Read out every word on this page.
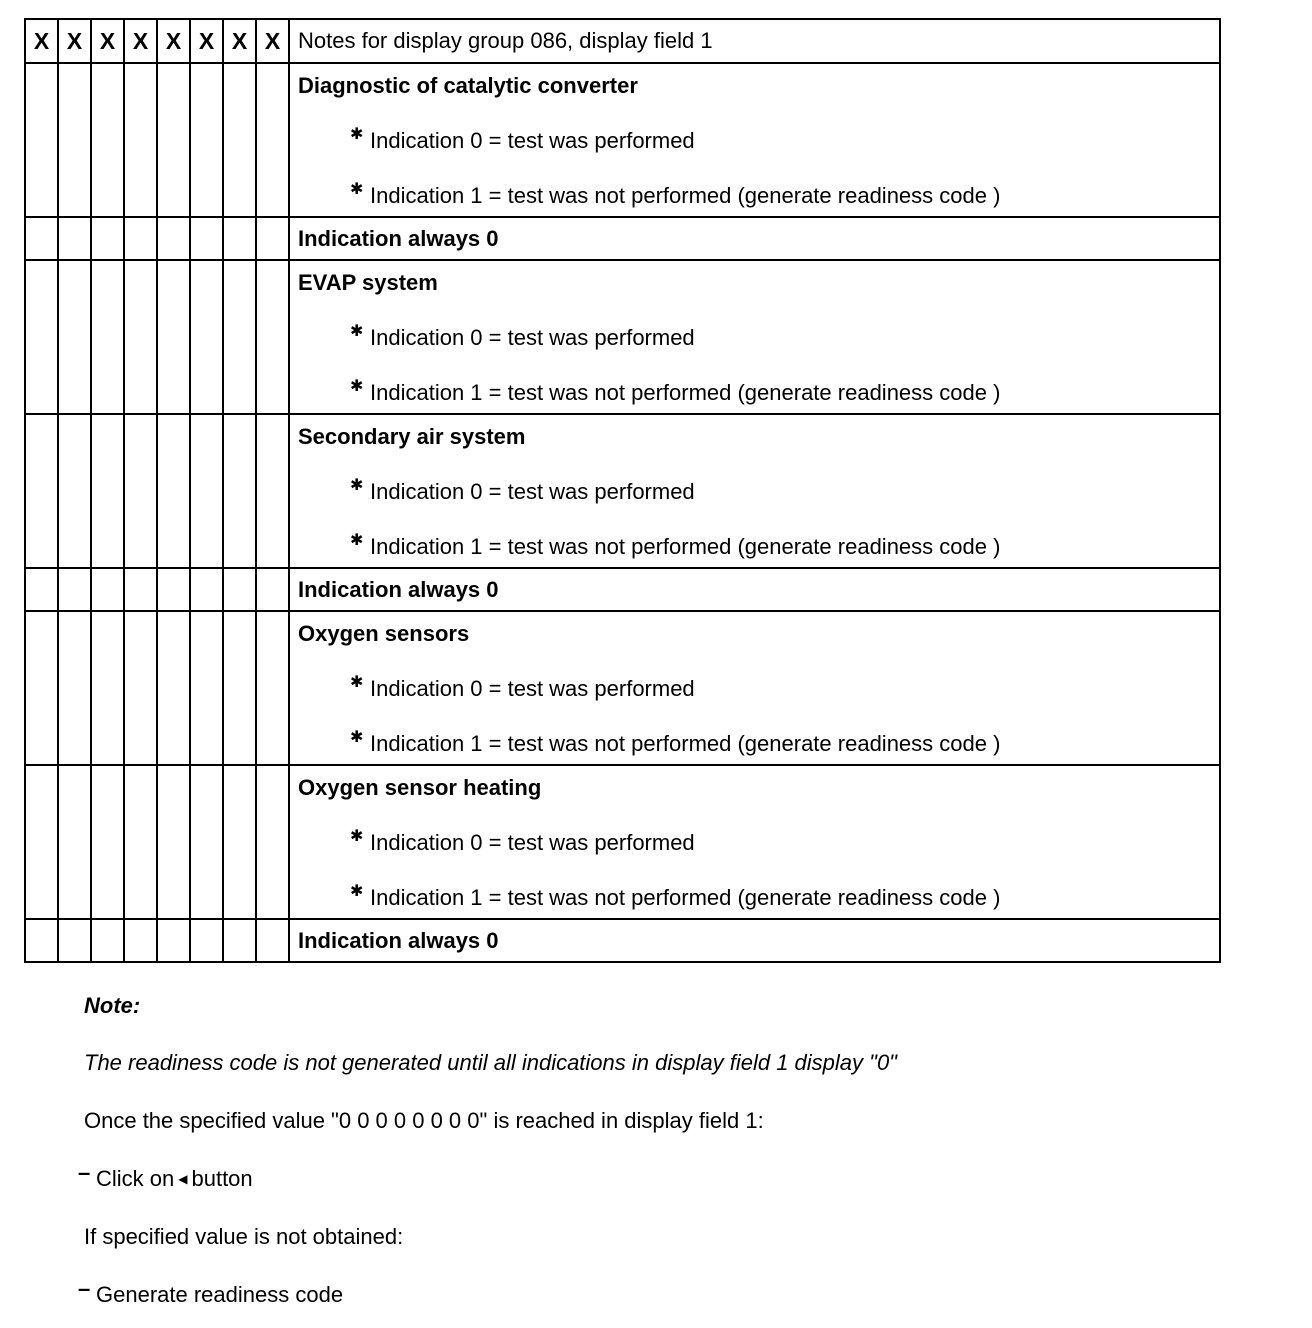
X	X	X	X	X	X	X	X	Notes for display group 086, display field 1

								Diagnostic of catalytic converter
✱ Indication 0 = test was performed
✱ Indication 1 = test was not performed (generate readiness code )

								Indication always 0

								EVAP system
✱ Indication 0 = test was performed
✱ Indication 1 = test was not performed (generate readiness code )

								Secondary air system
✱ Indication 0 = test was performed
✱ Indication 1 = test was not performed (generate readiness code )

								Indication always 0

								Oxygen sensors
✱ Indication 0 = test was performed
✱ Indication 1 = test was not performed (generate readiness code )

								Oxygen sensor heating
✱ Indication 0 = test was performed
✱ Indication 1 = test was not performed (generate readiness code )

								Indication always 0
Note:
The readiness code is not generated until all indications in display field 1 display "0"
Once the specified value "0 0 0 0 0 0 0 0" is reached in display field 1:
– Click on ◀ button
If specified value is not obtained:
– Generate readiness code
